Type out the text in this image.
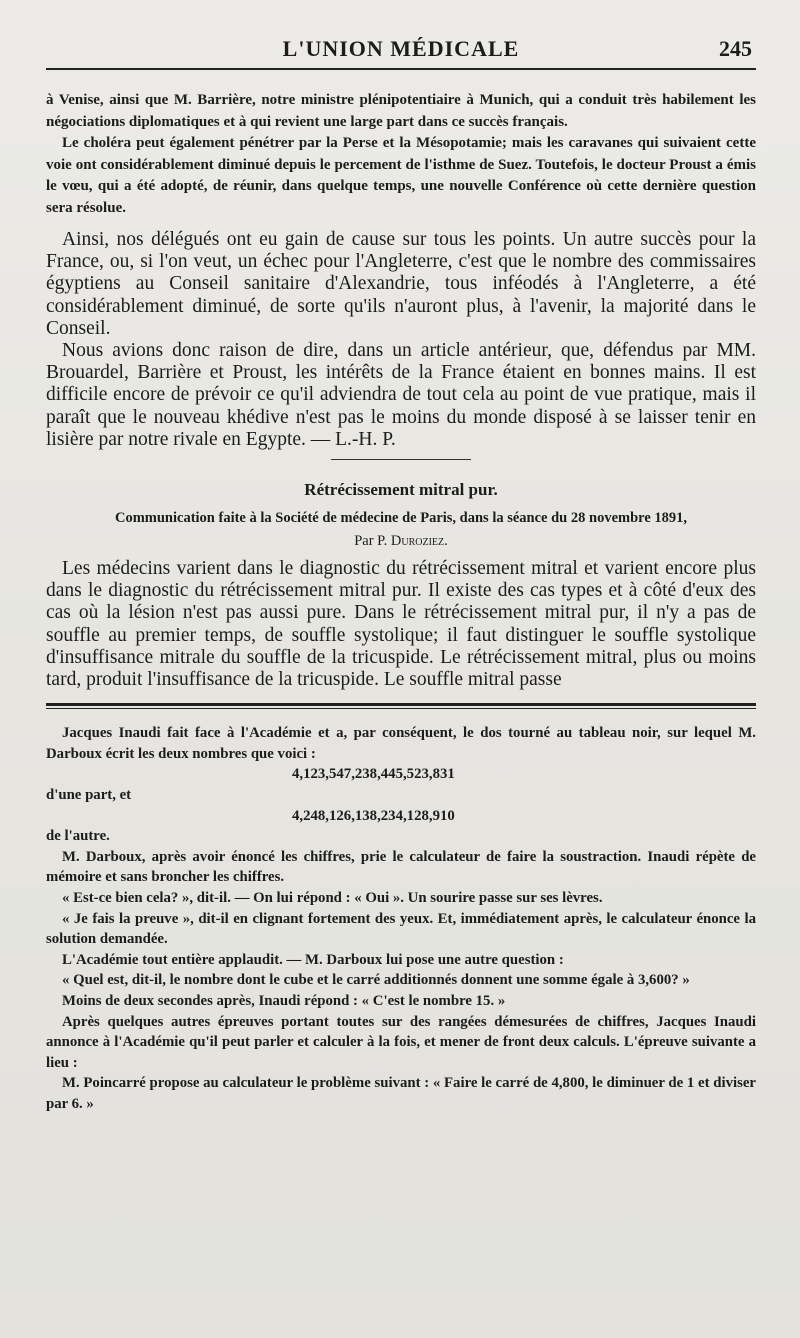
L'UNION MÉDICALE	245

à Venise, ainsi que M. Barrière, notre ministre plénipotentiaire à Munich, qui a conduit très habilement les négociations diplomatiques et à qui revient une large part dans ce succès français.

Le choléra peut également pénétrer par la Perse et la Mésopotamie; mais les caravanes qui suivaient cette voie ont considérablement diminué depuis le percement de l'isthme de Suez. Toutefois, le docteur Proust a émis le vœu, qui a été adopté, de réunir, dans quelque temps, une nouvelle Conférence où cette dernière question sera résolue.

Ainsi, nos délégués ont eu gain de cause sur tous les points. Un autre succès pour la France, ou, si l'on veut, un échec pour l'Angleterre, c'est que le nombre des commissaires égyptiens au Conseil sanitaire d'Alexandrie, tous inféodés à l'Angleterre, a été considérablement diminué, de sorte qu'ils n'auront plus, à l'avenir, la majorité dans le Conseil.

Nous avions donc raison de dire, dans un article antérieur, que, défendus par MM. Brouardel, Barrière et Proust, les intérêts de la France étaient en bonnes mains. Il est difficile encore de prévoir ce qu'il adviendra de tout cela au point de vue pratique, mais il paraît que le nouveau khédive n'est pas le moins du monde disposé à se laisser tenir en lisière par notre rivale en Egypte. — L.-H. P.

Rétrécissement mitral pur.
Communication faite à la Société de médecine de Paris, dans la séance du 28 novembre 1891,
Par P. Duroziez.

Les médecins varient dans le diagnostic du rétrécissement mitral et varient encore plus dans le diagnostic du rétrécissement mitral pur. Il existe des cas types et à côté d'eux des cas où la lésion n'est pas aussi pure. Dans le rétrécissement mitral pur, il n'y a pas de souffle au premier temps, de souffle systolique; il faut distinguer le souffle systolique d'insuffisance mitrale du souffle de la tricuspide. Le rétrécissement mitral, plus ou moins tard, produit l'insuffisance de la tricuspide. Le souffle mitral passe

Jacques Inaudi fait face à l'Académie et a, par conséquent, le dos tourné au tableau noir, sur lequel M. Darboux écrit les deux nombres que voici :

4,123,547,238,445,523,831
d'une part, et
4,248,126,138,234,128,910
de l'autre.

M. Darboux, après avoir énoncé les chiffres, prie le calculateur de faire la soustraction. Inaudi répète de mémoire et sans broncher les chiffres.

« Est-ce bien cela? », dit-il. — On lui répond : « Oui ». Un sourire passe sur ses lèvres.

« Je fais la preuve », dit-il en clignant fortement des yeux. Et, immédiatement après, le calculateur énonce la solution demandée.

L'Académie tout entière applaudit. — M. Darboux lui pose une autre question :

« Quel est, dit-il, le nombre dont le cube et le carré additionnés donnent une somme égale à 3,600? »

Moins de deux secondes après, Inaudi répond : « C'est le nombre 15. »

Après quelques autres épreuves portant toutes sur des rangées démesurées de chiffres, Jacques Inaudi annonce à l'Académie qu'il peut parler et calculer à la fois, et mener de front deux calculs. L'épreuve suivante a lieu :

M. Poincarré propose au calculateur le problème suivant : « Faire le carré de 4,800, le diminuer de 1 et diviser par 6. »
